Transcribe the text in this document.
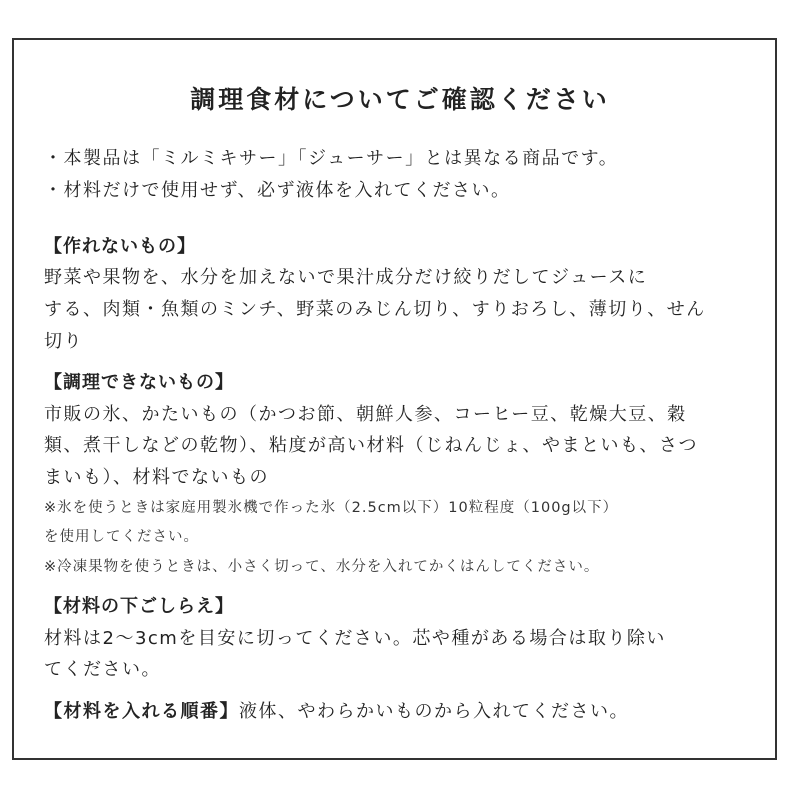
調理食材についてご確認ください
・本製品は「ミルミキサー」「ジューサー」とは異なる商品です。
・材料だけで使用せず、必ず液体を入れてください。
【作れないもの】
野菜や果物を、水分を加えないで果汁成分だけ絞りだしてジュースに
する、肉類・魚類のミンチ、野菜のみじん切り、すりおろし、薄切り、せん
切り
【調理できないもの】
市販の氷、かたいもの（かつお節、朝鮮人参、コーヒー豆、乾燥大豆、穀
類、煮干しなどの乾物）、粘度が高い材料（じねんじょ、やまといも、さつ
まいも）、材料でないもの
※氷を使うときは家庭用製氷機で作った氷（2.5cm以下）10粒程度（100g以下）
を使用してください。
※冷凍果物を使うときは、小さく切って、水分を入れてかくはんしてください。
【材料の下ごしらえ】
材料は2〜3cmを目安に切ってください。芯や種がある場合は取り除い
てください。
【材料を入れる順番】液体、やわらかいものから入れてください。
